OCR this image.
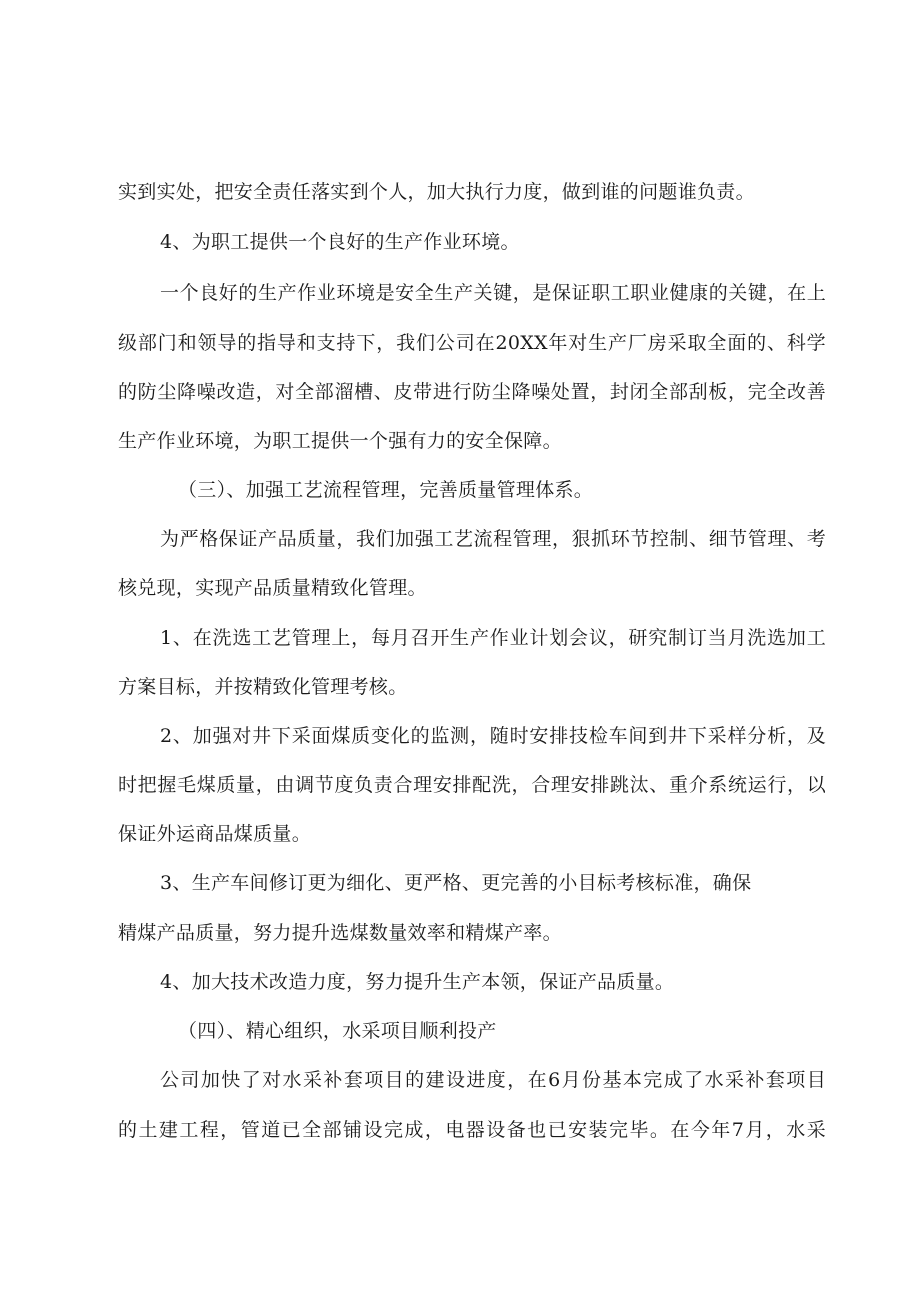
实到实处，把安全责任落实到个人，加大执行力度，做到谁的问题谁负责。
4、为职工提供一个良好的生产作业环境。
一个良好的生产作业环境是安全生产关键，是保证职工职业健康的关键，在上
级部门和领导的指导和支持下，我们公司在20XX年对生产厂房采取全面的、科学
的防尘降噪改造，对全部溜槽、皮带进行防尘降噪处置，封闭全部刮板，完全改善
生产作业环境，为职工提供一个强有力的安全保障。
（三）、加强工艺流程管理，完善质量管理体系。
为严格保证产品质量，我们加强工艺流程管理，狠抓环节控制、细节管理、考
核兑现，实现产品质量精致化管理。
1、在洗选工艺管理上，每月召开生产作业计划会议，研究制订当月洗选加工
方案目标，并按精致化管理考核。
2、加强对井下采面煤质变化的监测，随时安排技检车间到井下采样分析，及
时把握毛煤质量，由调节度负责合理安排配洗，合理安排跳汰、重介系统运行，以
保证外运商品煤质量。
3、生产车间修订更为细化、更严格、更完善的小目标考核标准，确保
精煤产品质量，努力提升选煤数量效率和精煤产率。
4、加大技术改造力度，努力提升生产本领，保证产品质量。
（四）、精心组织，水采项目顺利投产
公司加快了对水采补套项目的建设进度，在6月份基本完成了水采补套项目
的土建工程，管道已全部铺设完成，电器设备也已安装完毕。在今年7月，水采
